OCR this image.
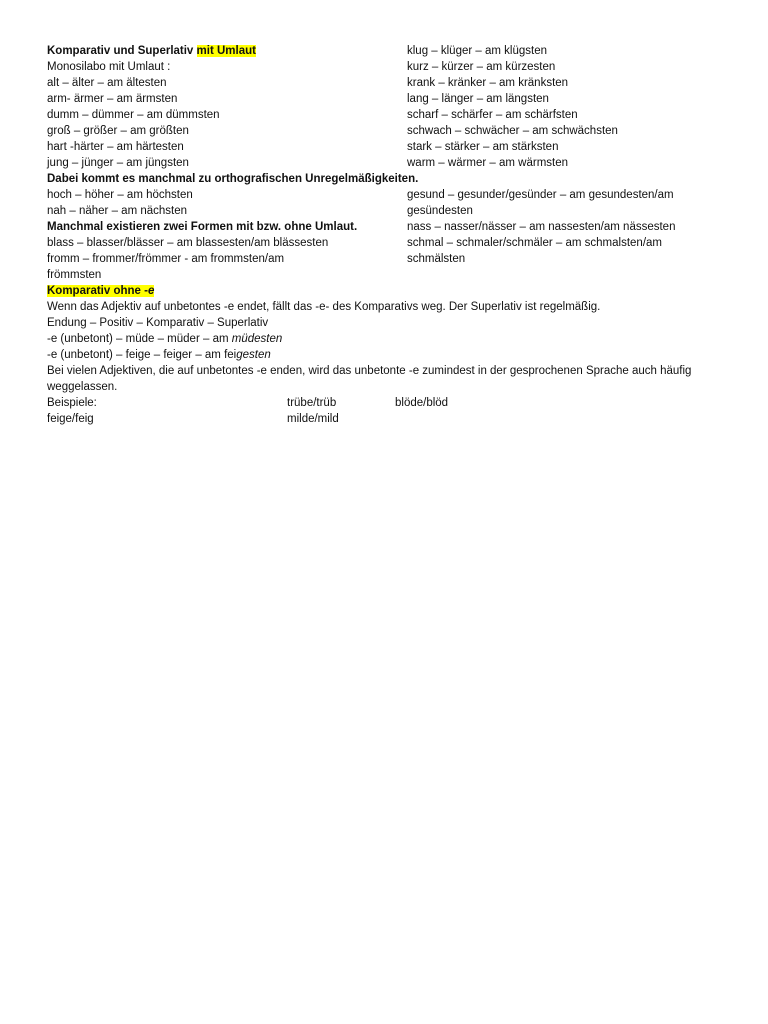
Komparativ und Superlativ mit Umlaut
Monosilabo mit Umlaut :
alt – älter – am ältesten
arm- ärmer – am ärmsten
dumm – dümmer – am dümmsten
groß – größer – am größten
hart -härter – am härtesten
jung – jünger – am jüngsten
Dabei kommt es manchmal zu orthografischen Unregelmäßigkeiten.
hoch – höher – am höchsten
nah – näher – am nächsten
Manchmal existieren zwei Formen mit bzw. ohne Umlaut.
blass – blasser/blässer – am blassesten/am blässesten
fromm – frommer/frömmer - am frommsten/am
frömmsten
klug – klüger – am klügsten
kurz – kürzer – am kürzesten
krank – kränker – am kränksten
lang – länger – am längsten
scharf – schärfer – am schärfsten
schwach – schwächer – am schwächsten
stark – stärker – am stärksten
warm – wärmer – am wärmsten
gesund – gesunder/gesünder – am gesundesten/am
gesündesten
nass – nasser/nässer – am nassesten/am nässesten
schmal – schmaler/schmäler – am schmalsten/am
schmälsten
Komparativ ohne -e
Wenn das Adjektiv auf unbetontes -e endet, fällt das -e- des Komparativs weg. Der Superlativ ist regelmäßig.
Endung – Positiv – Komparativ – Superlativ
-e (unbetont) – müde – müder – am müdesten
-e (unbetont) – feige – feiger – am feigesten
Bei vielen Adjektiven, die auf unbetontes -e enden, wird das unbetonte -e zumindest in der gesprochenen Sprache auch häufig
weggelassen.
Beispiele:	trübe/trüb	blöde/blöd
feige/feig	milde/mild
